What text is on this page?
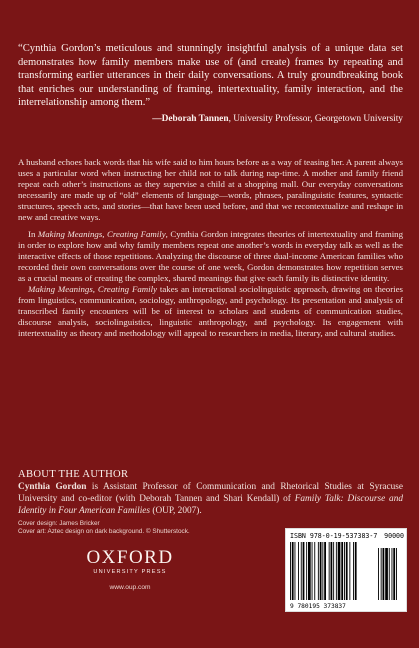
“Cynthia Gordon’s meticulous and stunningly insightful analysis of a unique data set demonstrates how family members make use of (and create) frames by repeating and transforming earlier utterances in their daily conversations. A truly groundbreaking book that enriches our understanding of framing, intertextuality, family interaction, and the interrelationship among them.”
—Deborah Tannen, University Professor, Georgetown University

A husband echoes back words that his wife said to him hours before as a way of teasing her. A parent always uses a particular word when instructing her child not to talk during nap-time. A mother and family friend repeat each other’s instructions as they supervise a child at a shopping mall. Our everyday conversations necessarily are made up of “old” elements of language—words, phrases, paralinguistic features, syntactic structures, speech acts, and stories—that have been used before, and that we recontextualize and reshape in new and creative ways.

In Making Meanings, Creating Family, Cynthia Gordon integrates theories of intertextuality and framing in order to explore how and why family members repeat one another’s words in everyday talk as well as the interactive effects of those repetitions. Analyzing the discourse of three dual-income American families who recorded their own conversations over the course of one week, Gordon demonstrates how repetition serves as a crucial means of creating the complex, shared meanings that give each family its distinctive identity.

Making Meanings, Creating Family takes an interactional sociolinguistic approach, drawing on theories from linguistics, communication, sociology, anthropology, and psychology. Its presentation and analysis of transcribed family encounters will be of interest to scholars and students of communication studies, discourse analysis, sociolinguistics, linguistic anthropology, and psychology. Its engagement with intertextuality as theory and methodology will appeal to researchers in media, literary, and cultural studies.

ABOUT THE AUTHOR
Cynthia Gordon is Assistant Professor of Communication and Rhetorical Studies at Syracuse University and co-editor (with Deborah Tannen and Shari Kendall) of Family Talk: Discourse and Identity in Four American Families (OUP, 2007).
Cover design: James Bricker
Cover art: Aztec design on dark background. © Shutterstock.
OXFORD
UNIVERSITY PRESS
www.oup.com
ISBN 978-0-19-537383-7 90000
9 780195 373837
